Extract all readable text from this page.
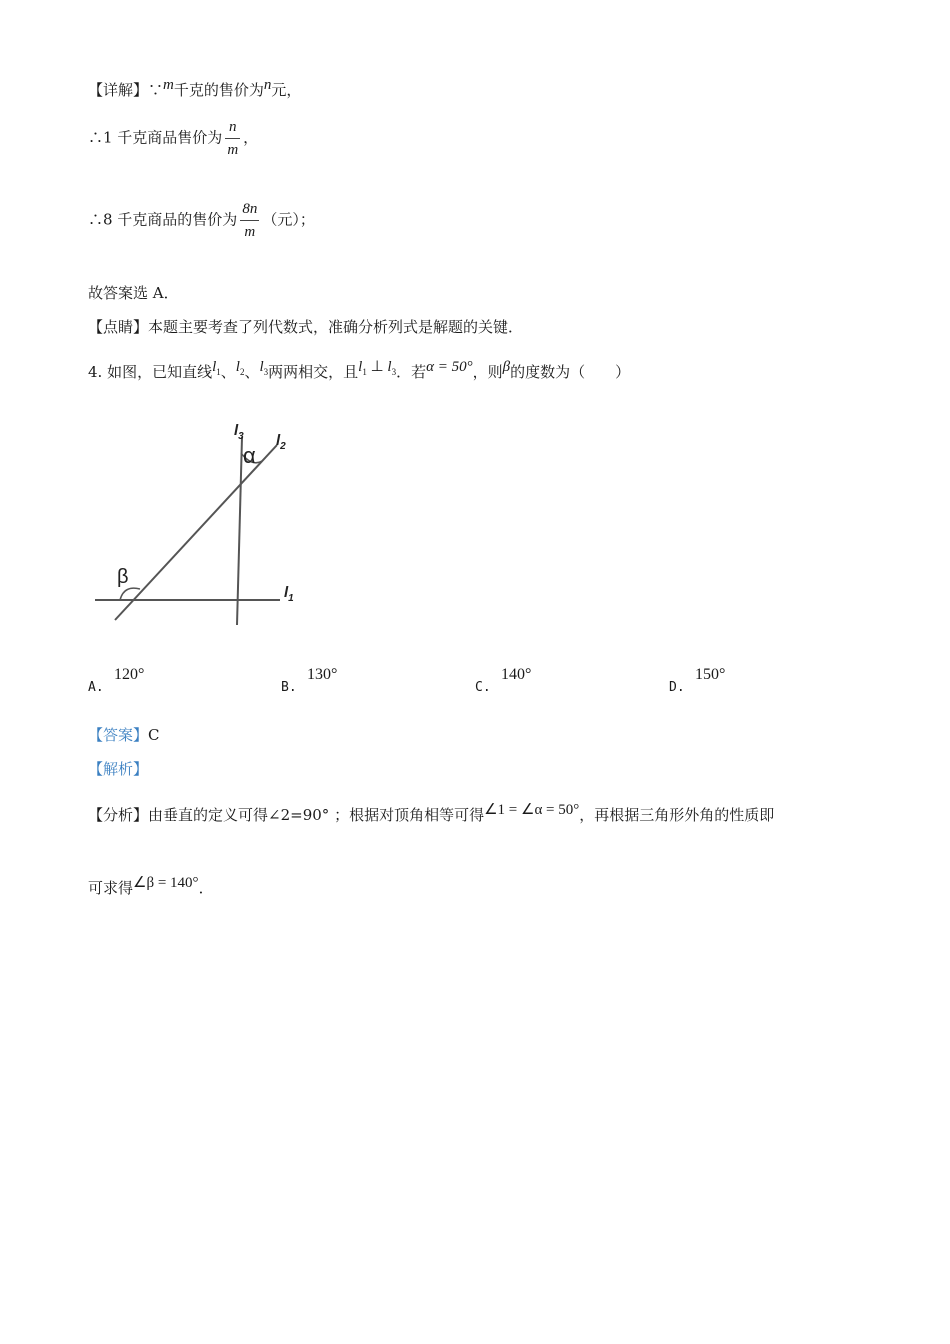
【详解】∵m千克的售价为n元，
∴1 千克商品售价为 $\frac{n}{m}$ ，
∴8 千克商品的售价为 $\frac{8n}{m}$ （元）；
故答案选 A．
【点睛】本题主要考查了列代数式，准确分析列式是解题的关键．
4. 如图，已知直线$l_1$、$l_2$、$l_3$两两相交，且$l_1$ ⊥ $l_3$．若α = 50°，则β的度数为（　　）
α
β
$l_3$ $l_2$
$l_1$
A.
120°
B.
130°
C.
140°
D.
150°
【答案】C
【解析】
【分析】由垂直的定义可得∠2=90° ；根据对顶角相等可得∠1 = ∠α = 50°，再根据三角形外角的性质即
可求得∠β = 140°．
